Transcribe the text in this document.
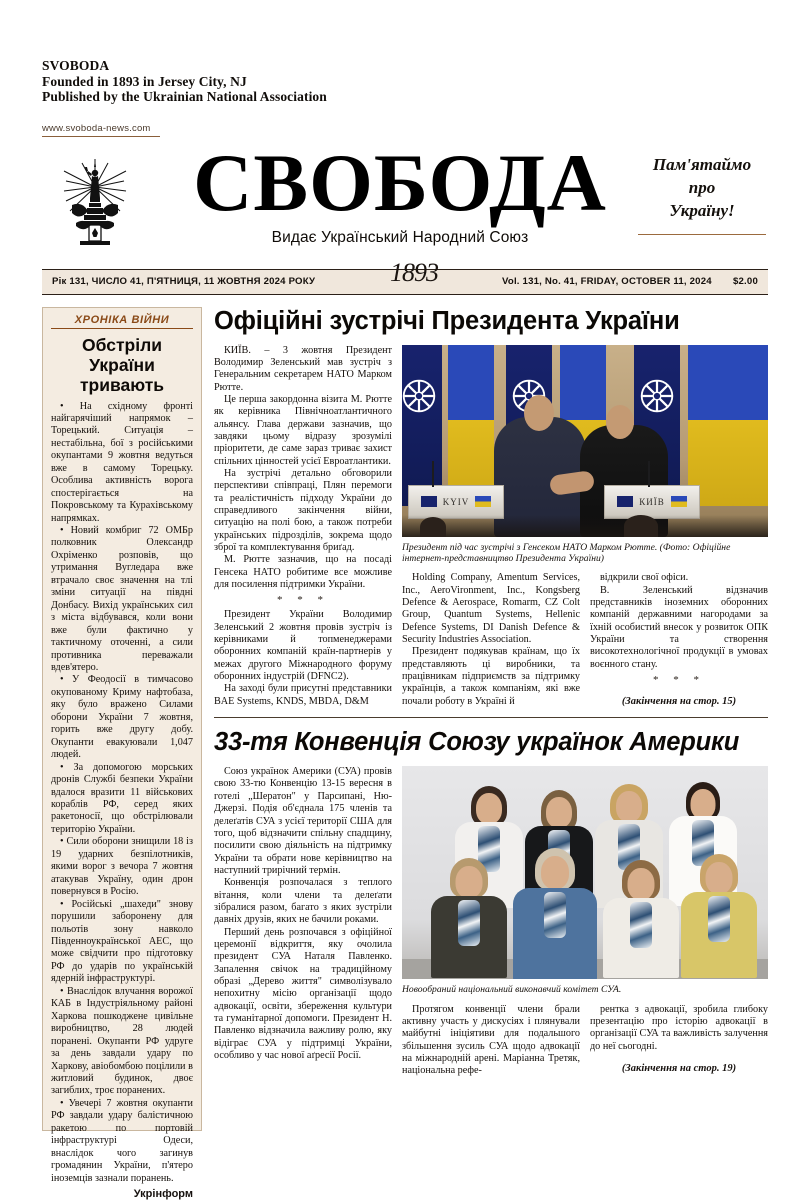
SVOBODA
Founded in 1893 in Jersey City, NJ
Published by the Ukrainian National Association
www.svoboda-news.com
СВОБОДА
Видає Український Народний Союз
Пам'ятаймо
про
Україну!
Рік 131, ЧИСЛО 41, П'ЯТНИЦЯ, 11 ЖОВТНЯ 2024 РОКУ	1893	Vol. 131, No. 41, FRIDAY, OCTOBER 11, 2024 $2.00
ХРОНІКА ВІЙНИ
Обстріли України тривають

• На східному фронті найгарячіший напрямок – Торецький. Ситуація – нестабільна, бої з російськими окупантами 9 жовтня ведуться вже в самому Торецьку. Особлива активність ворога спостерігається на Покровському та Курахівському напрямках.

• Новий комбриг 72 ОМБр полковник Олександр Охріменко розповів, що утримання Вугледара вже втрачало своє значення на тлі зміни ситуації на півдні Донбасу. Вихід українських сил з міста відбувався, коли вони вже були фактично у тактичному оточенні, а сили противника переважали вдев'ятеро.

• У Феодосії в тимчасово окупованому Криму нафтобаза, яку було вражено Силами оборони України 7 жовтня, горить вже другу добу. Окупанти евакуювали 1,047 людей.

• За допомогою морських дронів Службі безпеки України вдалося вразити 11 військових кораблів РФ, серед яких ракетоносії, що обстрілювали територію України.

• Сили оборони знищили 18 із 19 ударних безпілотників, якими ворог з вечора 7 жовтня атакував Україну, один дрон повернувся в Росію.

• Російські „шахеди" знову порушили заборонену для польотів зону навколо Південноукраїнської АЕС, що може свідчити про підготовку РФ до ударів по українській ядерній інфраструктурі.

• Внаслідок влучання ворожої КАБ в Індустріяльному районі Харкова пошкоджене цивільне виробництво, 28 людей поранені. Окупанти РФ удруге за день завдали удару по Харкову, авіобомбою поцілили в житловий будинок, двоє загиблих, троє поранених.

• Увечері 7 жовтня окупанти РФ завдали удару балістичною ракетою по портовій інфраструктурі Одеси, внаслідок чого загинув громадянин України, п'ятеро іноземців зазнали поранень.

Укрінформ
Офіційні зустрічі Президента України

КИЇВ. – 3 жовтня Президент Володимир Зеленський мав зустріч з Генеральним секретарем НАТО Марком Рютте.

Це перша закордонна візита М. Рютте як керівника Північноатлантичного альянсу. Глава держави зазначив, що завдяки цьому відразу зрозумілі пріоритети, де саме зараз триває захист спільних цінностей усієї Евроатлантики.

На зустрічі детально обговорили перспективи співпраці, Плян перемоги та реалістичність підходу України до справедливого закінчення війни, ситуацію на полі бою, а також потреби українських підрозділів, зокрема щодо зброї та комплектування бриґад.

М. Рютте зазначив, що на посаді Генсека НАТО робитиме все можливе для посилення підтримки України.

* * *

Президент України Володимир Зеленський 2 жовтня провів зустріч із керівниками й топменеджерами оборонних компаній країн-партнерів у межах другого Міжнародного форуму оборонних індустрій (DFNC2).

На заході були присутні представники BAE Systems, KNDS, MBDA, D&M

KYIV	КИЇВ
Президент під час зустрічі з Генсеком НАТО Марком Рютте. (Фото: Офіційне інтернет-представництво Президента України)

Holding Company, Amentum Services, Inc., AeroVironment, Inc., Kongsberg Defence & Aerospace, Romarm, CZ Colt Group, Quantum Systems, Hellenic Defence Systems, DI Danish Defence & Security Industries Association.

Президент подякував країнам, що їх представляють ці виробники, та працівникам підприємств за підтримку українців, а також компаніям, які вже почали роботу в Україні й

відкрили свої офіси.

В. Зеленський відзначив представників іноземних оборонних компаній державними нагородами за їхній особистий внесок у розвиток ОПК України та створення високотехнологічної продукції в умовах воєнного стану.

* * *
(Закінчення на стор. 15)
33-тя Конвенція Союзу українок Америки

Союз українок Америки (СУА) провів свою 33-тю Конвенцію 13-15 вересня в готелі „Шератон" у Парсипані, Ню-Джерзі. Подія об'єднала 175 членів та делеґатів СУА з усієї території США для того, щоб відзначити спільну спадщину, посилити свою діяльність на підтримку України та обрати нове керівництво на наступний трирічний термін.

Конвенція розпочалася з теплого вітання, коли члени та делеґати зібралися разом, багато з яких зустріли давніх друзів, яких не бачили роками.

Перший день розпочався з офіційної церемонії відкриття, яку очолила президент СУА Наталя Павленко. Запалення свічок на традиційному образі „Дерево життя" символізувало непохитну місію організації щодо адвокації, освіти, збереження культури та гуманітарної допомоги. Президент Н. Павленко відзначила важливу ролю, яку відіграє СУА у підтримці України, особливо у час нової аґресії Росії.

Новообраний національний виконавчий комітет СУА.

Протягом конвенції члени брали активну участь у дискусіях і плянували майбутні ініціятиви для подальшого збільшення зусиль СУА щодо адвокації на міжнародній арені. Маріанна Третяк, національна рефе-

рентка з адвокації, зробила глибоку презентацію про історію адвокації в організації СУА та важливість залучення до неї сьогодні.

(Закінчення на стор. 19)
